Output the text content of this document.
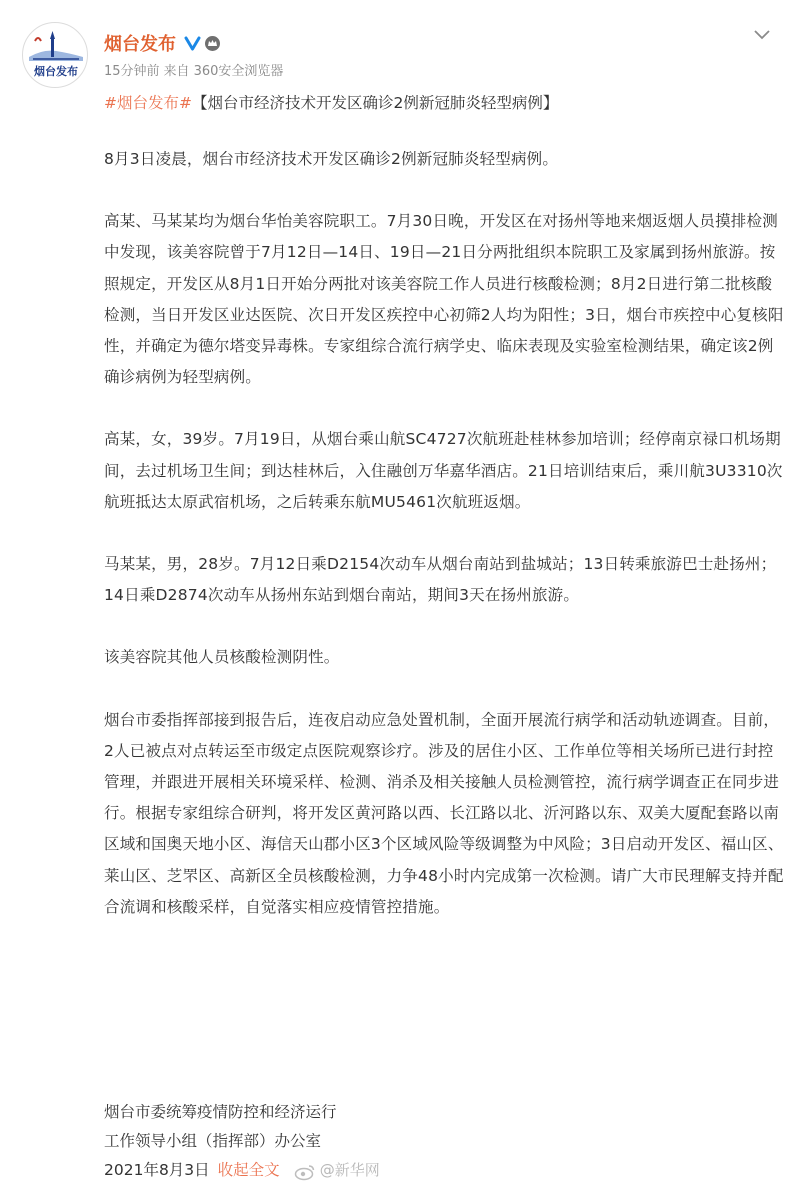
烟台发布
烟台发布
15分钟前 来自 360安全浏览器
#烟台发布#【烟台市经济技术开发区确诊2例新冠肺炎轻型病例】

8月3日凌晨，烟台市经济技术开发区确诊2例新冠肺炎轻型病例。

高某、马某某均为烟台华怡美容院职工。7月30日晚，开发区在对扬州等地来烟返烟人员摸排检测中发现，该美容院曾于7月12日—14日、19日—21日分两批组织本院职工及家属到扬州旅游。按照规定，开发区从8月1日开始分两批对该美容院工作人员进行核酸检测；8月2日进行第二批核酸检测，当日开发区业达医院、次日开发区疾控中心初筛2人均为阳性；3日，烟台市疾控中心复核阳性，并确定为德尔塔变异毒株。专家组综合流行病学史、临床表现及实验室检测结果，确定该2例确诊病例为轻型病例。

高某，女，39岁。7月19日，从烟台乘山航SC4727次航班赴桂林参加培训；经停南京禄口机场期间，去过机场卫生间；到达桂林后，入住融创万华嘉华酒店。21日培训结束后，乘川航3U3310次航班抵达太原武宿机场，之后转乘东航MU5461次航班返烟。

马某某，男，28岁。7月12日乘D2154次动车从烟台南站到盐城站；13日转乘旅游巴士赴扬州；14日乘D2874次动车从扬州东站到烟台南站，期间3天在扬州旅游。

该美容院其他人员核酸检测阴性。

烟台市委指挥部接到报告后，连夜启动应急处置机制，全面开展流行病学和活动轨迹调查。目前，2人已被点对点转运至市级定点医院观察诊疗。涉及的居住小区、工作单位等相关场所已进行封控管理，并跟进开展相关环境采样、检测、消杀及相关接触人员检测管控，流行病学调查正在同步进行。根据专家组综合研判，将开发区黄河路以西、长江路以北、沂河路以东、双美大厦配套路以南区域和国奥天地小区、海信天山郡小区3个区域风险等级调整为中风险；3日启动开发区、福山区、莱山区、芝罘区、高新区全员核酸检测，力争48小时内完成第一次检测。请广大市民理解支持并配合流调和核酸采样，自觉落实相应疫情管控措施。

烟台市委统筹疫情防控和经济运行
工作领导小组（指挥部）办公室
2021年8月3日 收起全文	@新华网
